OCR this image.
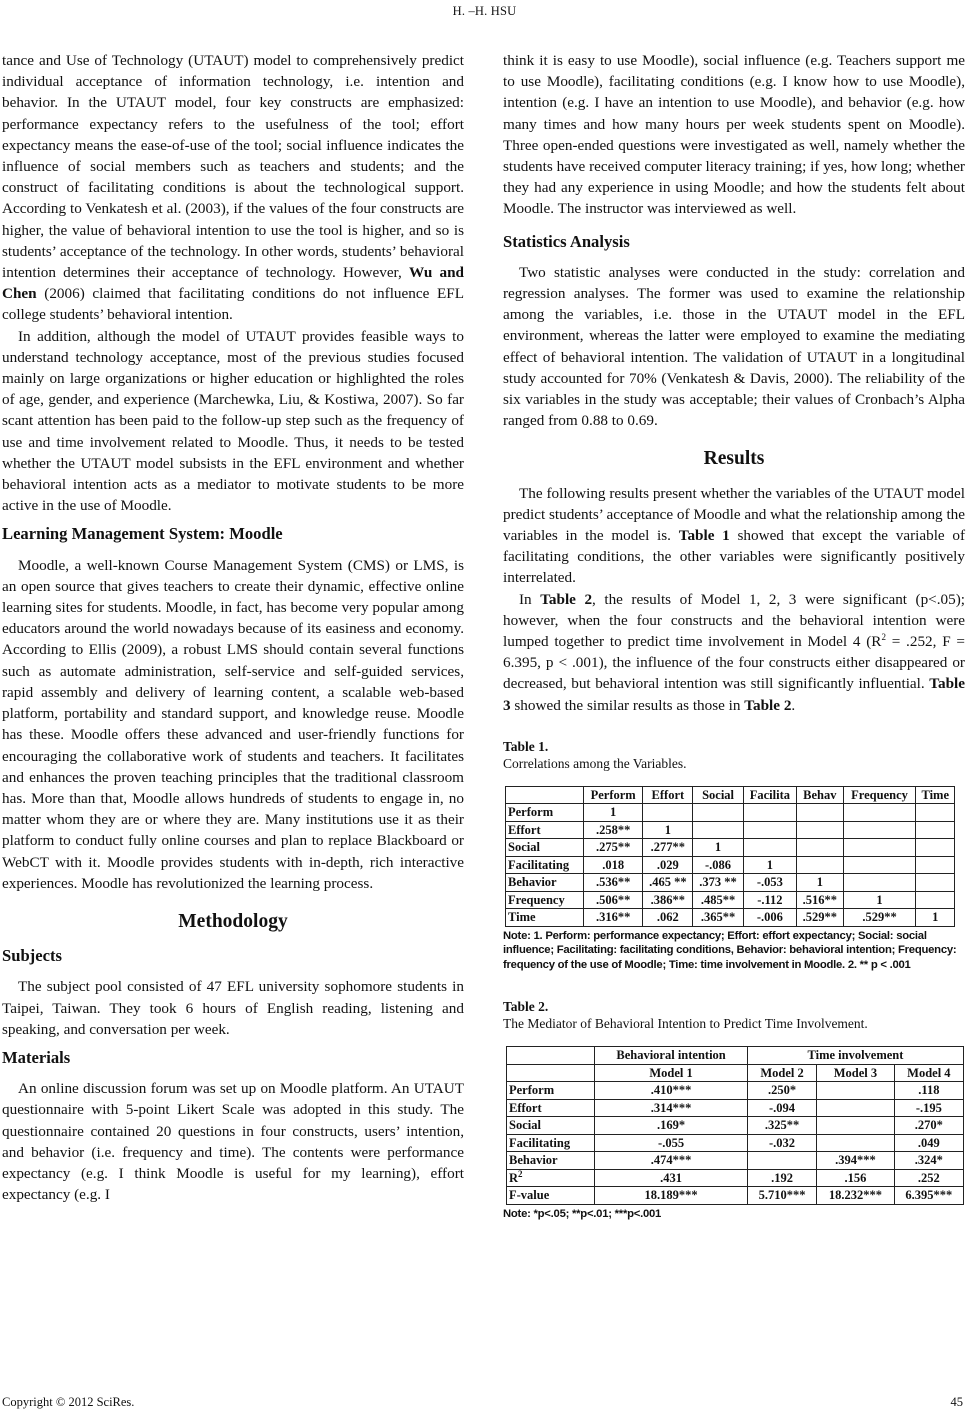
H. –H. HSU

tance and Use of Technology (UTAUT) model to comprehensively predict individual acceptance of information technology, i.e. intention and behavior. In the UTAUT model, four key constructs are emphasized: performance expectancy refers to the usefulness of the tool; effort expectancy means the ease-of-use of the tool; social influence indicates the influence of social members such as teachers and students; and the construct of facilitating conditions is about the technological support. According to Venkatesh et al. (2003), if the values of the four constructs are higher, the value of behavioral intention to use the tool is higher, and so is students’ acceptance of the technology. In other words, students’ behavioral intention determines their acceptance of technology. However, Wu and Chen (2006) claimed that facilitating conditions do not influence EFL college students’ behavioral intention.

In addition, although the model of UTAUT provides feasible ways to understand technology acceptance, most of the previous studies focused mainly on large organizations or higher education or highlighted the roles of age, gender, and experience (Marchewka, Liu, & Kostiwa, 2007). So far scant attention has been paid to the follow-up step such as the frequency of use and time involvement related to Moodle. Thus, it needs to be tested whether the UTAUT model subsists in the EFL environment and whether behavioral intention acts as a mediator to motivate students to be more active in the use of Moodle.

Learning Management System: Moodle

Moodle, a well-known Course Management System (CMS) or LMS, is an open source that gives teachers to create their dynamic, effective online learning sites for students. Moodle, in fact, has become very popular among educators around the world nowadays because of its easiness and economy. According to Ellis (2009), a robust LMS should contain several functions such as automate administration, self-service and self-guided services, rapid assembly and delivery of learning content, a scalable web-based platform, portability and standard support, and knowledge reuse. Moodle has these. Moodle offers these advanced and user-friendly functions for encouraging the collaborative work of students and teachers. It facilitates and enhances the proven teaching principles that the traditional classroom has. More than that, Moodle allows hundreds of students to engage in, no matter whom they are or where they are. Many institutions use it as their platform to conduct fully online courses and plan to replace Blackboard or WebCT with it. Moodle provides students with in-depth, rich interactive experiences. Moodle has revolutionized the learning process.

Methodology
Subjects

The subject pool consisted of 47 EFL university sophomore students in Taipei, Taiwan. They took 6 hours of English reading, listening and speaking, and conversation per week.

Materials

An online discussion forum was set up on Moodle platform. An UTAUT questionnaire with 5-point Likert Scale was adopted in this study. The questionnaire contained 20 questions in four constructs, users’ intention, and behavior (i.e. frequency and time). The contents were performance expectancy (e.g. I think Moodle is useful for my learning), effort expectancy (e.g. I

think it is easy to use Moodle), social influence (e.g. Teachers support me to use Moodle), facilitating conditions (e.g. I know how to use Moodle), intention (e.g. I have an intention to use Moodle), and behavior (e.g. how many times and how many hours per week students spent on Moodle). Three open-ended questions were investigated as well, namely whether the students have received computer literacy training; if yes, how long; whether they had any experience in using Moodle; and how the students felt about Moodle. The instructor was interviewed as well.

Statistics Analysis

Two statistic analyses were conducted in the study: correlation and regression analyses. The former was used to examine the relationship among the variables, i.e. those in the UTAUT model in the EFL environment, whereas the latter were employed to examine the mediating effect of behavioral intention. The validation of UTAUT in a longitudinal study accounted for 70% (Venkatesh & Davis, 2000). The reliability of the six variables in the study was acceptable; their values of Cronbach’s Alpha ranged from 0.88 to 0.69.

Results

The following results present whether the variables of the UTAUT model predict students’ acceptance of Moodle and what the relationship among the variables in the model is. Table 1 showed that except the variable of facilitating conditions, the other variables were significantly positively interrelated.

In Table 2, the results of Model 1, 2, 3 were significant (p<.05); however, when the four constructs and the behavioral intention were lumped together to predict time involvement in Model 4 ($R^2 = .252$, F = 6.395, p < .001), the influence of the four constructs either disappeared or decreased, but behavioral intention was still significantly influential. Table 3 showed the similar results as those in Table 2.

Table 1.
Correlations among the Variables.
	Perform	Effort	Social	Facilita	Behav	Frequency	Time
Perform	1						
Effort	.258**	1					
Social	.275**	.277**	1				
Facilitating	.018	.029	-.086	1			
Behavior	.536**	.465 **	.373 **	-.053	1		
Frequency	.506**	.386**	.485**	-.112	.516**	1	
Time	.316**	.062	.365**	-.006	.529**	.529**	1
Note: 1. Perform: performance expectancy; Effort: effort expectancy; Social: social influence; Facilitating: facilitating conditions, Behavior: behavioral intention; Frequency: frequency of the use of Moodle; Time: time involvement in Moodle. 2. ** p < .001
Table 2.
The Mediator of Behavioral Intention to Predict Time Involvement.
	Behavioral intention	Time involvement		
	Model 1	Model 2	Model 3	Model 4
Perform	.410***	.250*		.118
Effort	.314***	-.094		-.195
Social	.169*	.325**		.270*
Facilitating	-.055	-.032		.049
Behavior	.474***		.394***	.324*
$R^2$	.431	.192	.156	.252
F-value	18.189***	5.710***	18.232***	6.395***
Note: *p<.05; **p<.01; ***p<.001
Copyright © 2012 SciRes.	45
